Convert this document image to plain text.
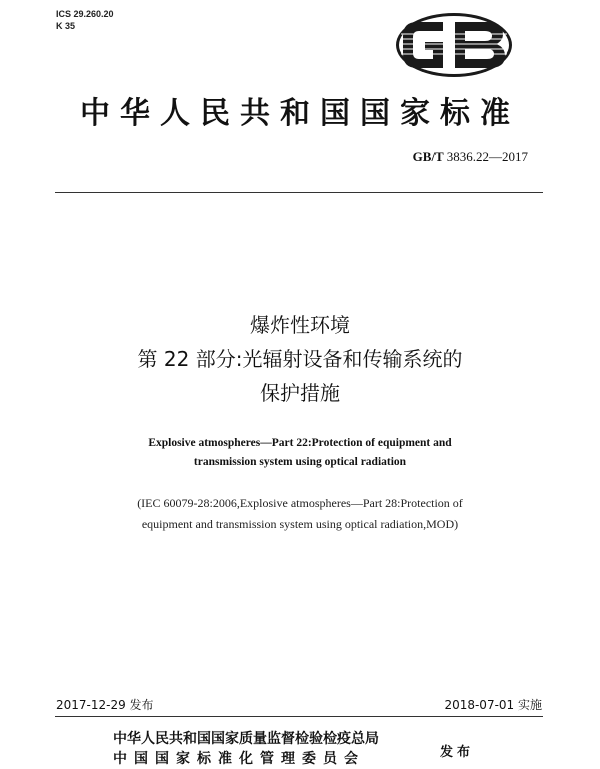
ICS 29.260.20
K 35
中华人民共和国国家标准
GB/T 3836.22—2017
爆炸性环境
第 22 部分:光辐射设备和传输系统的
保护措施
Explosive atmospheres—Part 22:Protection of equipment and
transmission system using optical radiation
(IEC 60079-28:2006,Explosive atmospheres—Part 28:Protection of
equipment and transmission system using optical radiation,MOD)
2017-12-29 发布	2018-07-01 实施
中华人民共和国国家质量监督检验检疫总局
中国国家标准化管理委员会	发布
